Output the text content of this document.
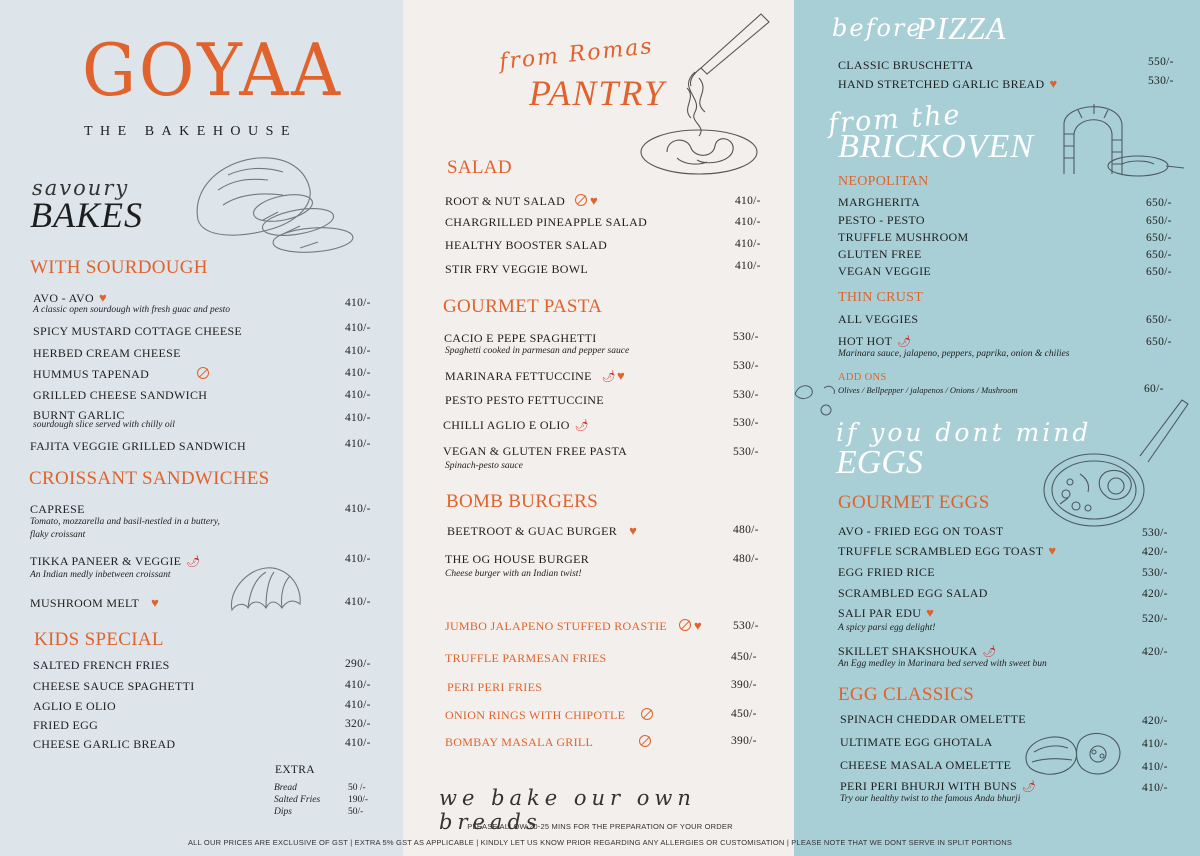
GOYAA
THE BAKEHOUSE
savoury
BAKES
WITH SOURDOUGH
AVO - AVO ♥
A classic open sourdough with fresh guac and pesto
410/-
SPICY MUSTARD COTTAGE CHEESE	410/-
HERBED CREAM CHEESE	410/-
HUMMUS TAPENAD	410/-
GRILLED CHEESE SANDWICH	410/-
BURNT GARLIC
sourdough slice served with chilly oil
410/-
FAJITA VEGGIE GRILLED SANDWICH	410/-
CROISSANT SANDWICHES
CAPRESE
Tomato, mozzarella and basil-nestled in a buttery,
flaky croissant
410/-
TIKKA PANEER & VEGGIE 🌶
An Indian medly inbetween croissant
410/-
MUSHROOM MELT ♥	410/-
KIDS SPECIAL
SALTED FRENCH FRIES	290/-
CHEESE SAUCE SPAGHETTI	410/-
AGLIO E OLIO	410/-
FRIED EGG	320/-
CHEESE GARLIC BREAD	410/-
EXTRA
Bread	50 /-
Salted Fries	190/-
Dips	50/-
from Romas
PANTRY
SALAD
ROOT & NUT SALAD ♥	410/-
CHARGRILLED PINEAPPLE SALAD	410/-
HEALTHY BOOSTER SALAD	410/-
STIR FRY VEGGIE BOWL	410/-
GOURMET PASTA
CACIO E PEPE SPAGHETTI
Spaghetti cooked in parmesan and pepper sauce
530/-
MARINARA FETTUCCINE 🌶♥
530/-
PESTO PESTO FETTUCCINE	530/-
CHILLI AGLIO E OLIO 🌶	530/-
VEGAN & GLUTEN FREE PASTA
Spinach-pesto sauce
530/-
BOMB BURGERS
BEETROOT & GUAC BURGER ♥	480/-
THE OG HOUSE BURGER
Cheese burger with an Indian twist!
480/-
JUMBO JALAPENO STUFFED ROASTIE ♥	530/-
TRUFFLE PARMESAN FRIES	450/-
PERI PERI FRIES	390/-
ONION RINGS WITH CHIPOTLE	450/-
BOMBAY MASALA GRILL	390/-
we bake our own breads
before
PIZZA
CLASSIC BRUSCHETTA	550/-
HAND STRETCHED GARLIC BREAD ♥	530/-
from the
BRICKOVEN
NEOPOLITAN
MARGHERITA	650/-
PESTO - PESTO	650/-
TRUFFLE MUSHROOM	650/-
GLUTEN FREE	650/-
VEGAN VEGGIE	650/-
THIN CRUST
ALL VEGGIES	650/-
HOT HOT 🌶
Marinara sauce, jalapeno, peppers, paprika, onion & chilies
650/-
ADD ONS
Olives / Bellpepper / jalapenos / Onions / Mushroom	60/-
if you dont mind
EGGS
GOURMET EGGS
AVO - FRIED EGG ON TOAST	530/-
TRUFFLE SCRAMBLED EGG TOAST ♥	420/-
EGG FRIED RICE	530/-
SCRAMBLED EGG SALAD	420/-
SALI PAR EDU ♥
A spicy parsi egg delight!
520/-
SKILLET SHAKSHOUKA 🌶
An Egg medley in Marinara bed served with sweet bun
420/-
EGG CLASSICS
SPINACH CHEDDAR OMELETTE	420/-
ULTIMATE EGG GHOTALA	410/-
CHEESE MASALA OMELETTE	410/-
PERI PERI BHURJI WITH BUNS 🌶
Try our healthy twist to the famous Anda bhurji
410/-
PLEASE ALLOW 20-25 MINS FOR THE PREPARATION OF YOUR ORDER
ALL OUR PRICES ARE EXCLUSIVE OF GST | EXTRA 5% GST AS APPLICABLE | KINDLY LET US KNOW PRIOR REGARDING ANY ALLERGIES OR CUSTOMISATION | PLEASE NOTE THAT WE DONT SERVE IN SPLIT PORTIONS
